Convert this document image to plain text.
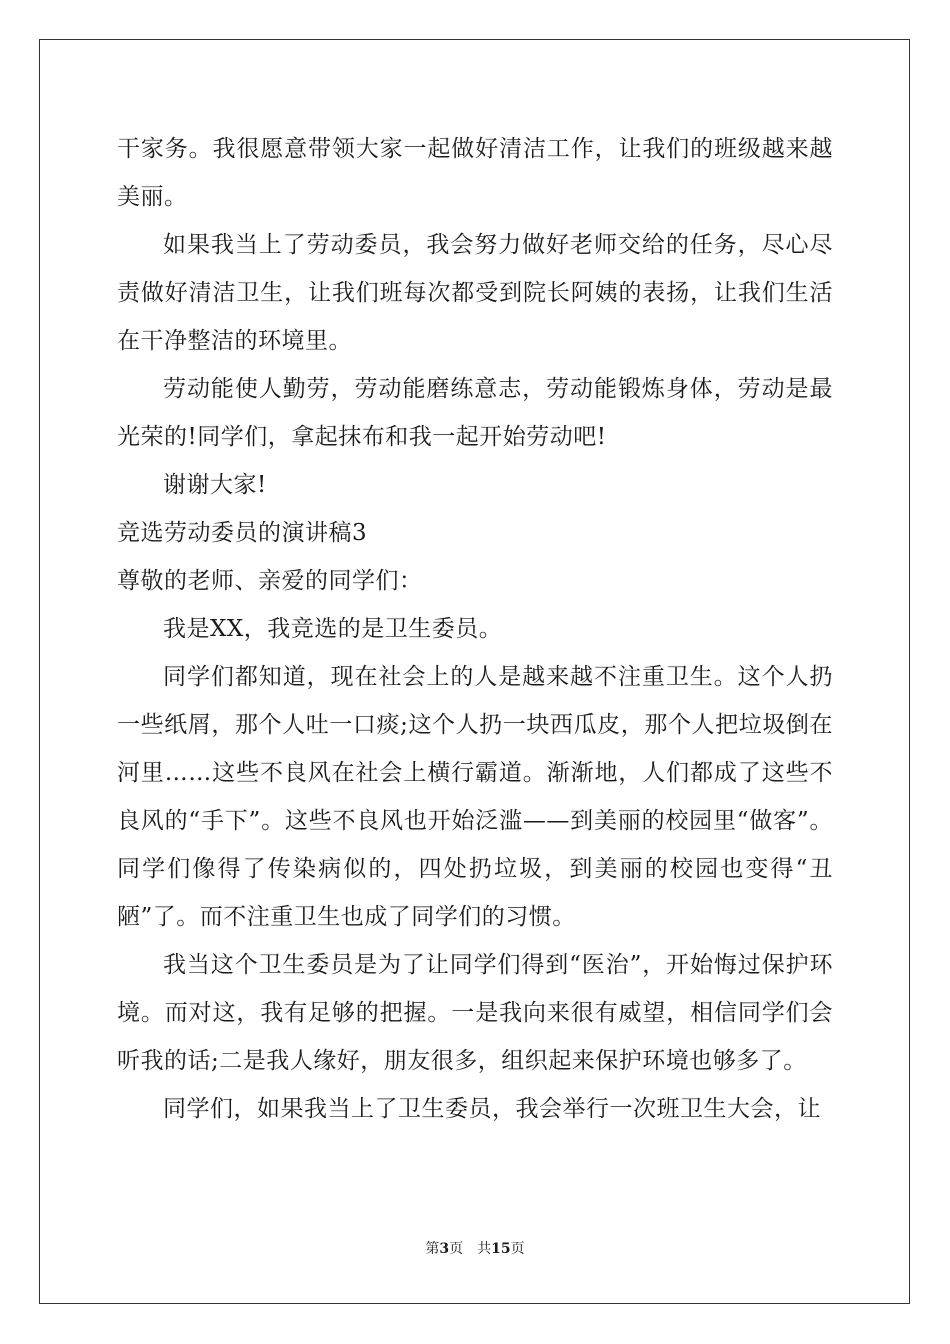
干家务。我很愿意带领大家一起做好清洁工作，让我们的班级越来越美丽。

如果我当上了劳动委员，我会努力做好老师交给的任务，尽心尽责做好清洁卫生，让我们班每次都受到院长阿姨的表扬，让我们生活在干净整洁的环境里。

劳动能使人勤劳，劳动能磨练意志，劳动能锻炼身体，劳动是最光荣的!同学们，拿起抹布和我一起开始劳动吧!

谢谢大家!

竞选劳动委员的演讲稿3

尊敬的老师、亲爱的同学们：

我是XX，我竞选的是卫生委员。

同学们都知道，现在社会上的人是越来越不注重卫生。这个人扔一些纸屑，那个人吐一口痰;这个人扔一块西瓜皮，那个人把垃圾倒在河里……这些不良风在社会上横行霸道。渐渐地，人们都成了这些不良风的“手下”。这些不良风也开始泛滥——到美丽的校园里“做客”。同学们像得了传染病似的，四处扔垃圾，到美丽的校园也变得“丑陋”了。而不注重卫生也成了同学们的习惯。

我当这个卫生委员是为了让同学们得到“医治”，开始悔过保护环境。而对这，我有足够的把握。一是我向来很有威望，相信同学们会听我的话;二是我人缘好，朋友很多，组织起来保护环境也够多了。

同学们，如果我当上了卫生委员，我会举行一次班卫生大会，让

第3页 共15页
